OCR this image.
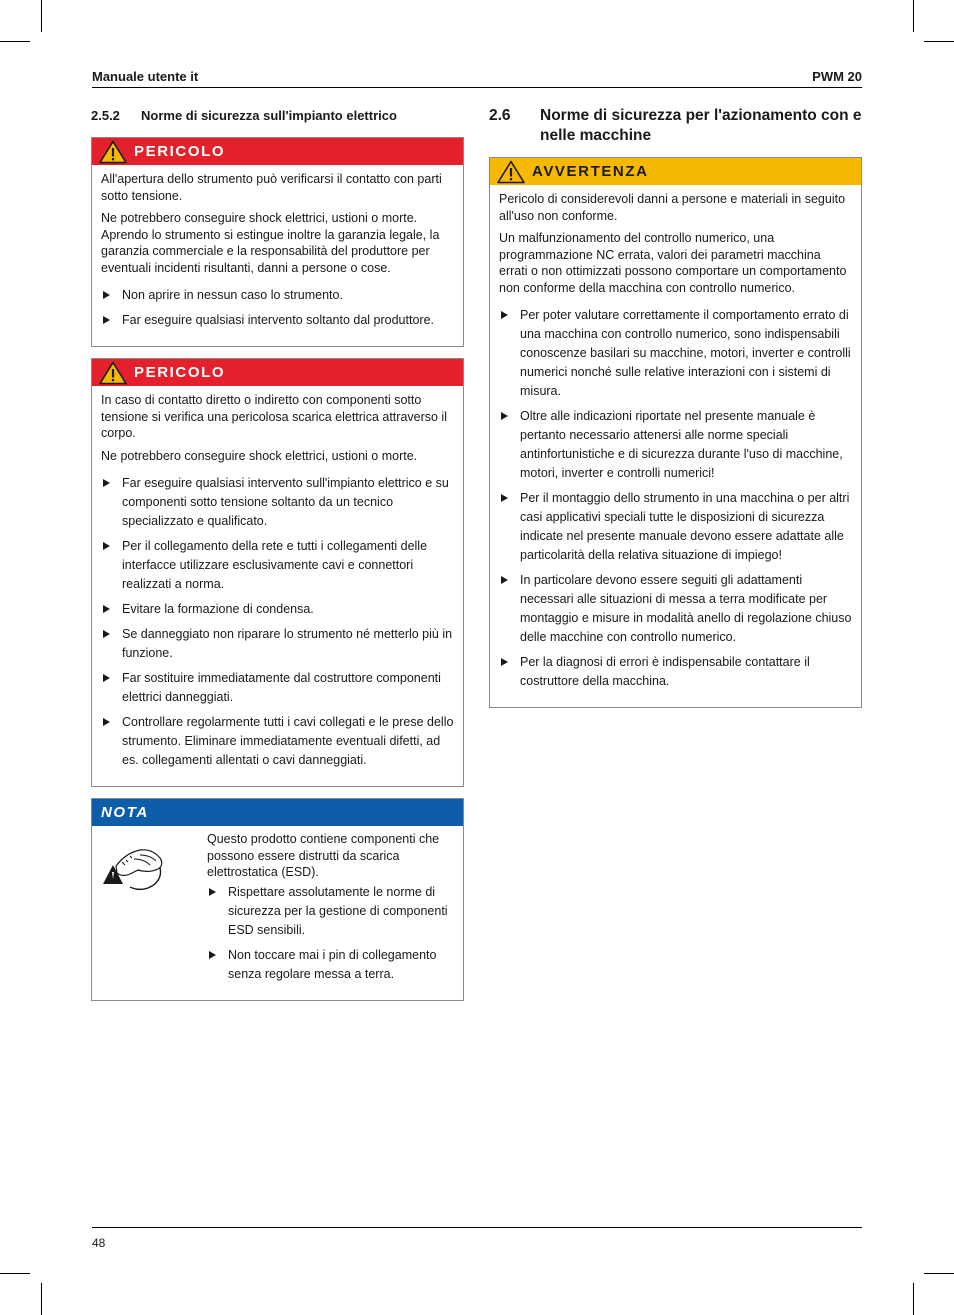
Manuale utente it	PWM 20
2.5.2	Norme di sicurezza sull'impianto elettrico
PERICOLO

All'apertura dello strumento può verificarsi il contatto con parti sotto tensione.

Ne potrebbero conseguire shock elettrici, ustioni o morte. Aprendo lo strumento si estingue inoltre la garanzia legale, la garanzia commerciale e la responsabilità del produttore per eventuali incidenti risultanti, danni a persone o cose.

Non aprire in nessun caso lo strumento.
Far eseguire qualsiasi intervento soltanto dal produttore.
PERICOLO

In caso di contatto diretto o indiretto con componenti sotto tensione si verifica una pericolosa scarica elettrica attraverso il corpo.

Ne potrebbero conseguire shock elettrici, ustioni o morte.

Far eseguire qualsiasi intervento sull'impianto elettrico e su componenti sotto tensione soltanto da un tecnico specializzato e qualificato.
Per il collegamento della rete e tutti i collegamenti delle interfacce utilizzare esclusivamente cavi e connettori realizzati a norma.
Evitare la formazione di condensa.
Se danneggiato non riparare lo strumento né metterlo più in funzione.
Far sostituire immediatamente dal costruttore componenti elettrici danneggiati.
Controllare regolarmente tutti i cavi collegati e le prese dello strumento. Eliminare immediatamente eventuali difetti, ad es. collegamenti allentati o cavi danneggiati.
NOTA

Questo prodotto contiene componenti che possono essere distrutti da scarica elettrostatica (ESD).

Rispettare assolutamente le norme di sicurezza per la gestione di componenti ESD sensibili.
Non toccare mai i pin di collegamento senza regolare messa a terra.
2.6	Norme di sicurezza per l'azionamento con e nelle macchine
AVVERTENZA

Pericolo di considerevoli danni a persone e materiali in seguito all'uso non conforme.

Un malfunzionamento del controllo numerico, una programmazione NC errata, valori dei parametri macchina errati o non ottimizzati possono comportare un comportamento non conforme della macchina con controllo numerico.

Per poter valutare correttamente il comportamento errato di una macchina con controllo numerico, sono indispensabili conoscenze basilari su macchine, motori, inverter e controlli numerici nonché sulle relative interazioni con i sistemi di misura.
Oltre alle indicazioni riportate nel presente manuale è pertanto necessario attenersi alle norme speciali antinfortunistiche e di sicurezza durante l'uso di macchine, motori, inverter e controlli numerici!
Per il montaggio dello strumento in una macchina o per altri casi applicativi speciali tutte le disposizioni di sicurezza indicate nel presente manuale devono essere adattate alle particolarità della relativa situazione di impiego!
In particolare devono essere seguiti gli adattamenti necessari alle situazioni di messa a terra modificate per montaggio e misure in modalità anello di regolazione chiuso delle macchine con controllo numerico.
Per la diagnosi di errori è indispensabile contattare il costruttore della macchina.
48
